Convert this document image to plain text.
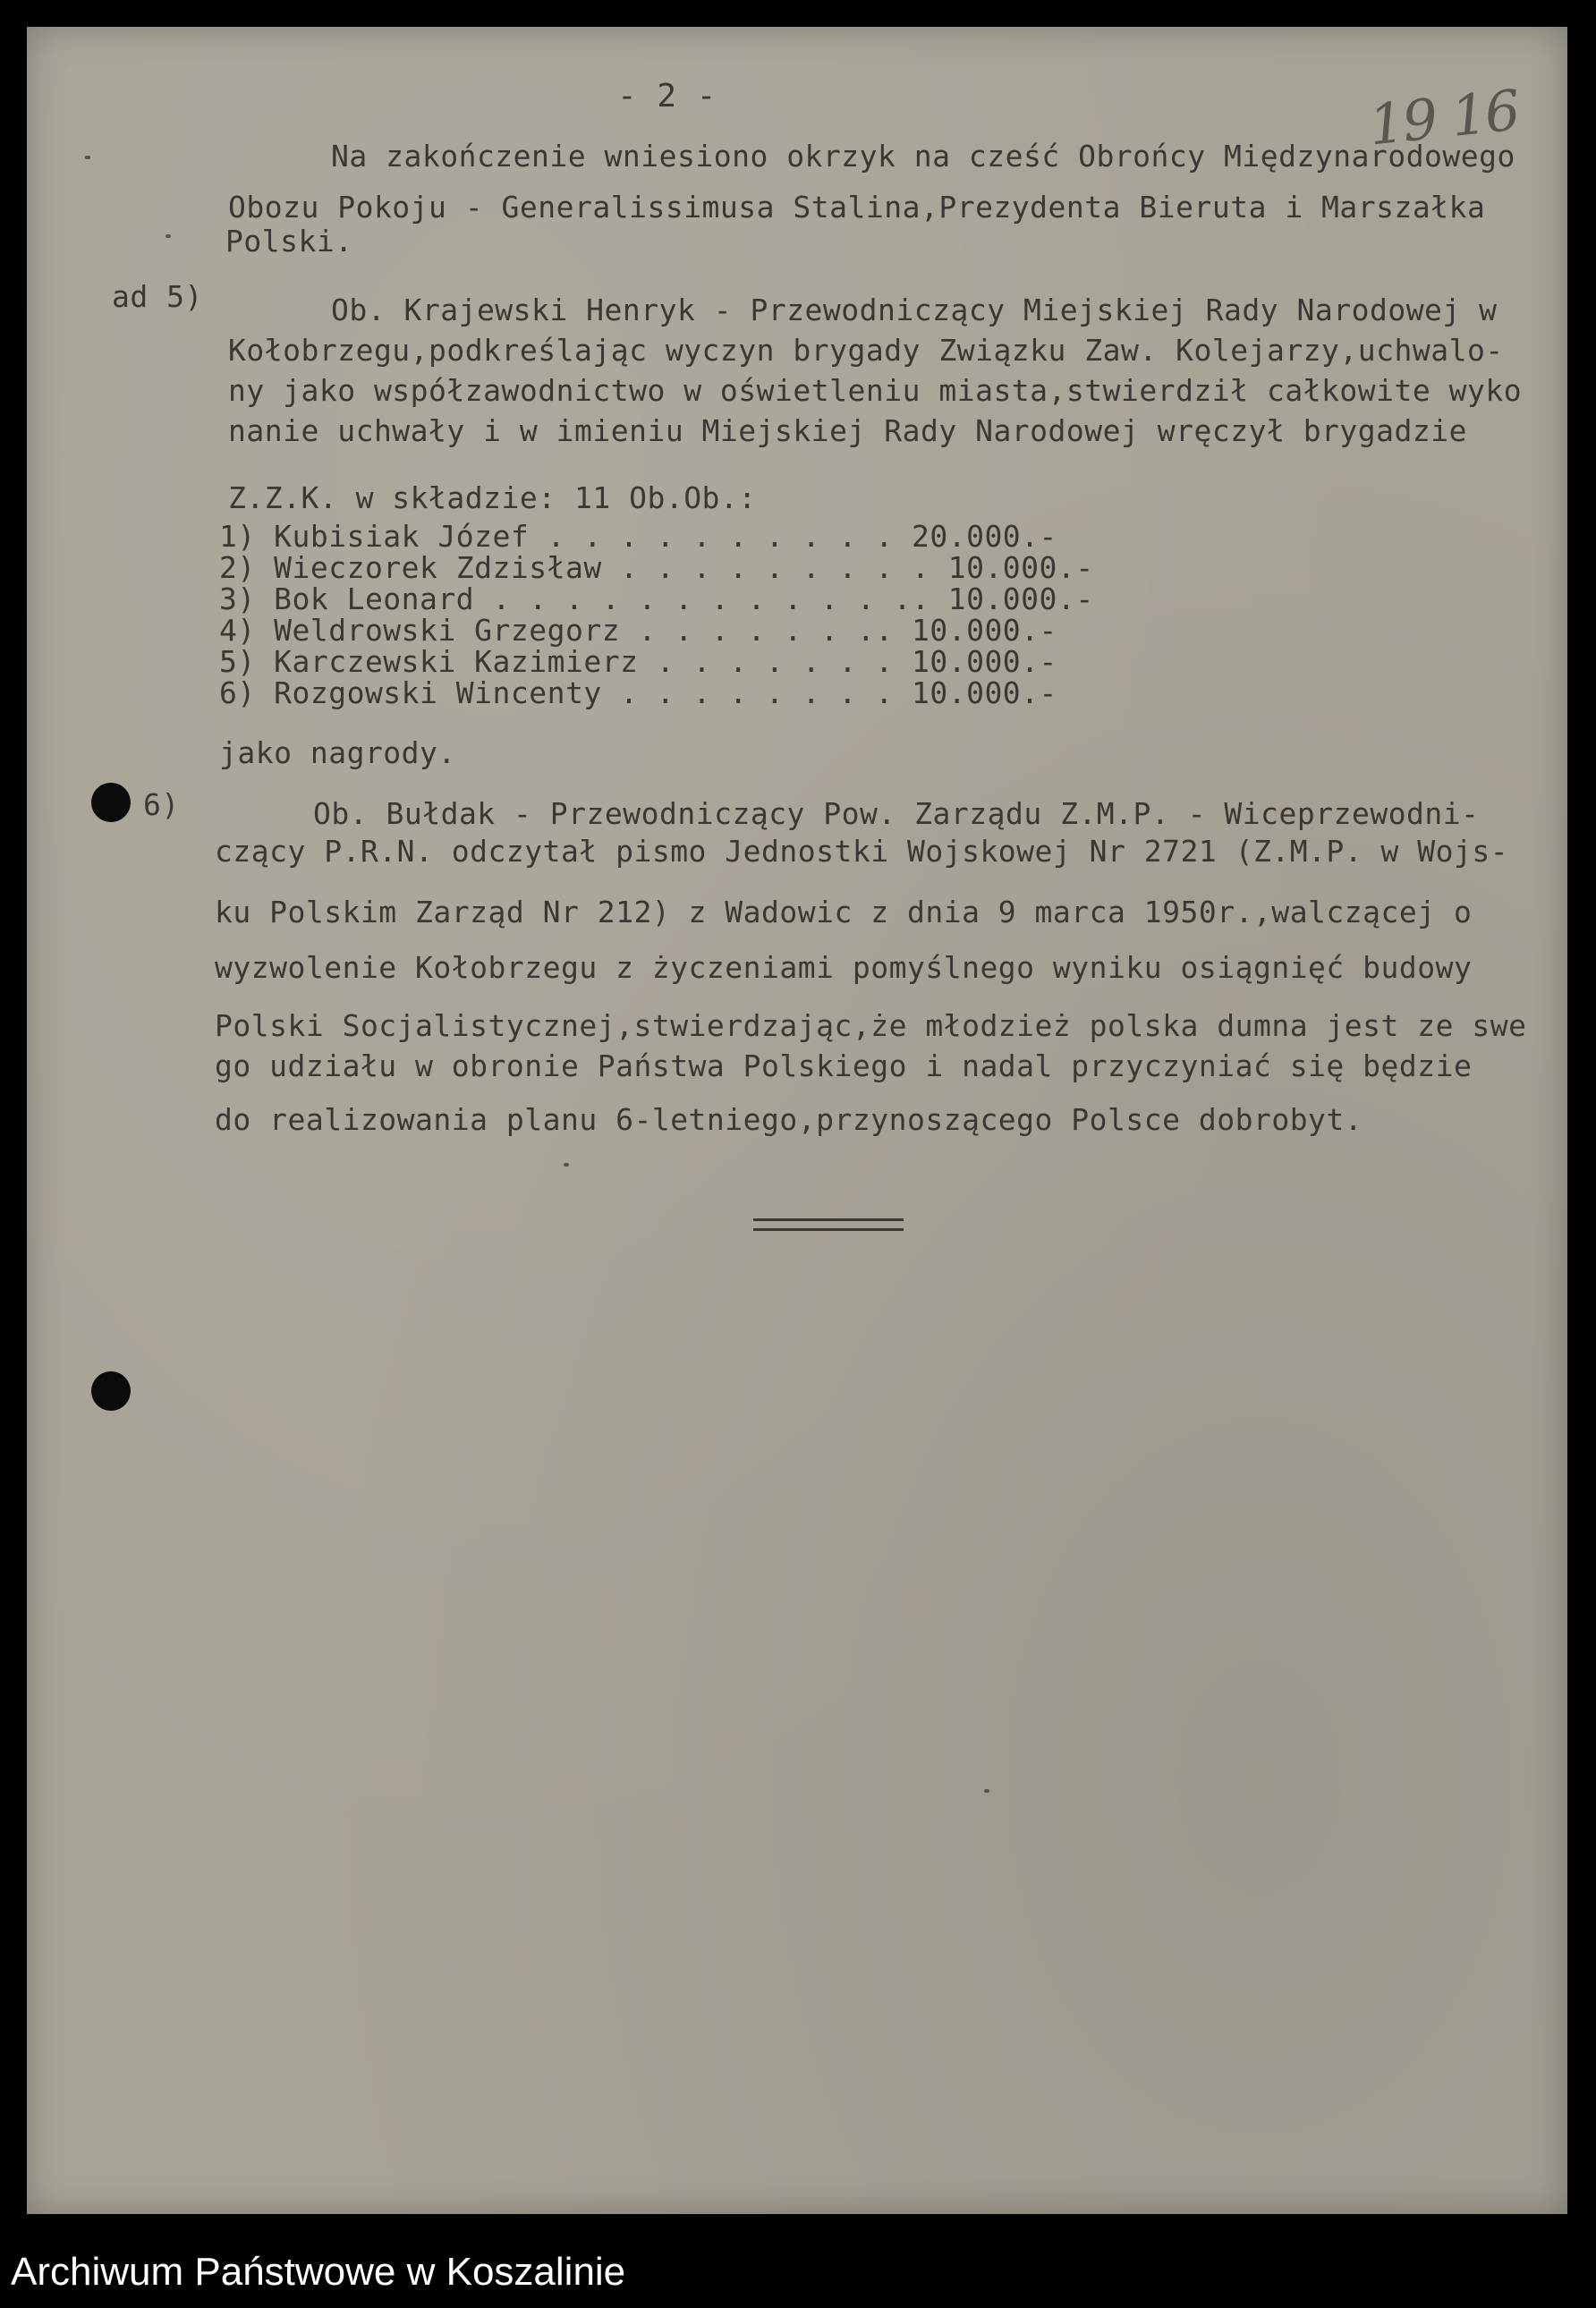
- 2 -	19 16
Na zakończenie wniesiono okrzyk na cześć Obrońcy Międzynarodowego
Obozu Pokoju - Generalissimusa Stalina,Prezydenta Bieruta i Marszałka
Polski.
ad 5)	Ob. Krajewski Henryk - Przewodniczący Miejskiej Rady Narodowej w
Kołobrzegu,podkreślając wyczyn brygady Związku Zaw. Kolejarzy,uchwalo-
ny jako współzawodnictwo w oświetleniu miasta,stwierdził całkowite wyko
nanie uchwały i w imieniu Miejskiej Rady Narodowej wręczył brygadzie
Z.Z.K. w składzie: 11 Ob.Ob.:
1) Kubisiak Józef . . . . . . . . . . 20.000.-
2) Wieczorek Zdzisław . . . . . . . . . 10.000.-
3) Bok Leonard . . . . . . . . . . . .. 10.000.-
4) Weldrowski Grzegorz . . . . . . .. 10.000.-
5) Karczewski Kazimierz . . . . . . . 10.000.-
6) Rozgowski Wincenty . . . . . . . . 10.000.-
jako nagrody.
6)	Ob. Bułdak - Przewodniczący Pow. Zarządu Z.M.P. - Wiceprzewodni-
czący P.R.N. odczytał pismo Jednostki Wojskowej Nr 2721 (Z.M.P. w Wojs-
ku Polskim Zarząd Nr 212) z Wadowic z dnia 9 marca 1950r.,walczącej o
wyzwolenie Kołobrzegu z życzeniami pomyślnego wyniku osiągnięć budowy
Polski Socjalistycznej,stwierdzając,że młodzież polska dumna jest ze swe
go udziału w obronie Państwa Polskiego i nadal przyczyniać się będzie
do realizowania planu 6-letniego,przynoszącego Polsce dobrobyt.
Archiwum Państwowe w Koszalinie
